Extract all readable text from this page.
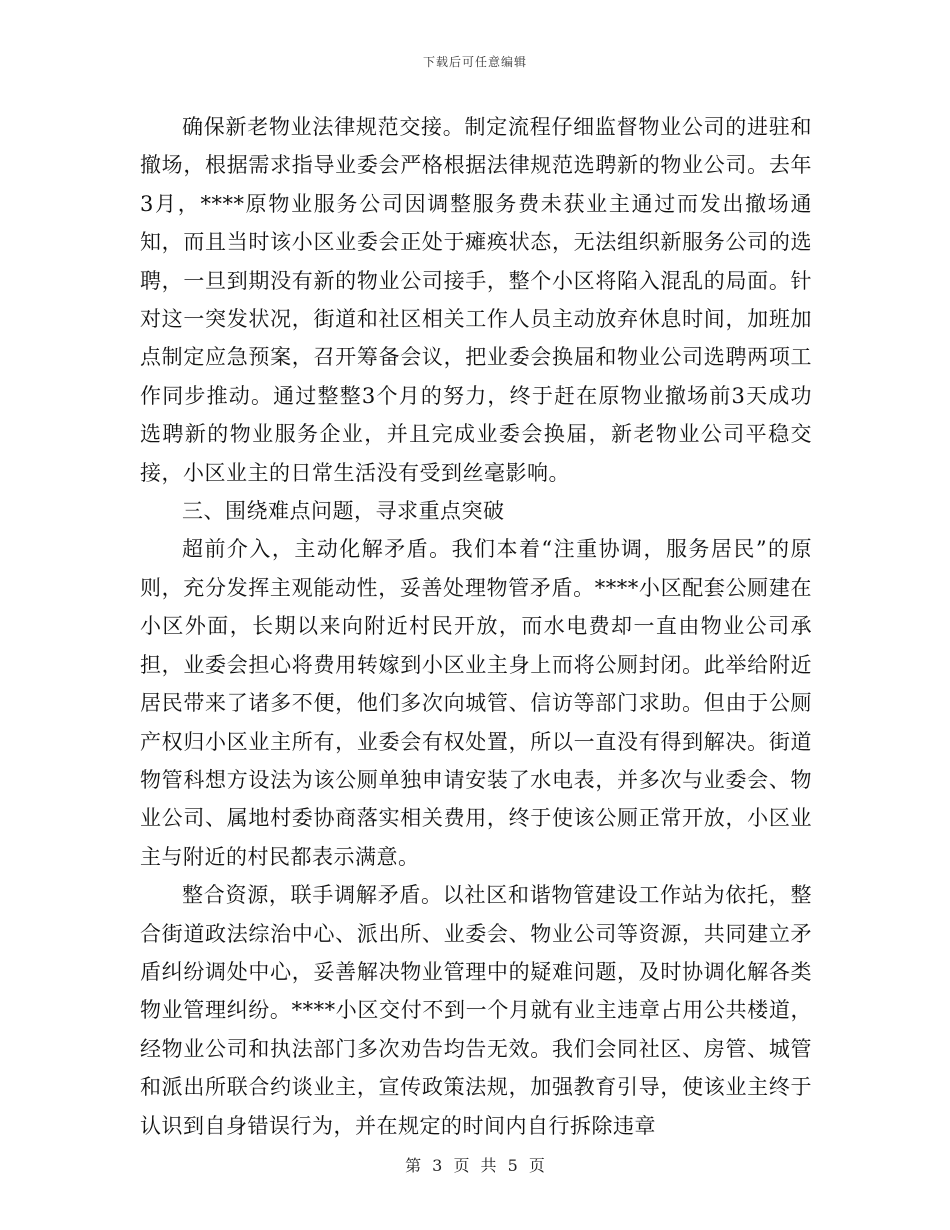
下载后可任意编辑

确保新老物业法律规范交接。制定流程仔细监督物业公司的进驻和撤场，根据需求指导业委会严格根据法律规范选聘新的物业公司。去年3月，****原物业服务公司因调整服务费未获业主通过而发出撤场通知，而且当时该小区业委会正处于瘫痪状态，无法组织新服务公司的选聘，一旦到期没有新的物业公司接手，整个小区将陷入混乱的局面。针对这一突发状况，街道和社区相关工作人员主动放弃休息时间，加班加点制定应急预案，召开筹备会议，把业委会换届和物业公司选聘两项工作同步推动。通过整整3个月的努力，终于赶在原物业撤场前3天成功选聘新的物业服务企业，并且完成业委会换届，新老物业公司平稳交接，小区业主的日常生活没有受到丝毫影响。

三、围绕难点问题，寻求重点突破

超前介入，主动化解矛盾。我们本着“注重协调，服务居民”的原则，充分发挥主观能动性，妥善处理物管矛盾。****小区配套公厕建在小区外面，长期以来向附近村民开放，而水电费却一直由物业公司承担，业委会担心将费用转嫁到小区业主身上而将公厕封闭。此举给附近居民带来了诸多不便，他们多次向城管、信访等部门求助。但由于公厕产权归小区业主所有，业委会有权处置，所以一直没有得到解决。街道物管科想方设法为该公厕单独申请安装了水电表，并多次与业委会、物业公司、属地村委协商落实相关费用，终于使该公厕正常开放，小区业主与附近的村民都表示满意。

整合资源，联手调解矛盾。以社区和谐物管建设工作站为依托，整合街道政法综治中心、派出所、业委会、物业公司等资源，共同建立矛盾纠纷调处中心，妥善解决物业管理中的疑难问题，及时协调化解各类物业管理纠纷。****小区交付不到一个月就有业主违章占用公共楼道，经物业公司和执法部门多次劝告均告无效。我们会同社区、房管、城管和派出所联合约谈业主，宣传政策法规，加强教育引导，使该业主终于认识到自身错误行为，并在规定的时间内自行拆除违章

第 3 页 共 5 页
